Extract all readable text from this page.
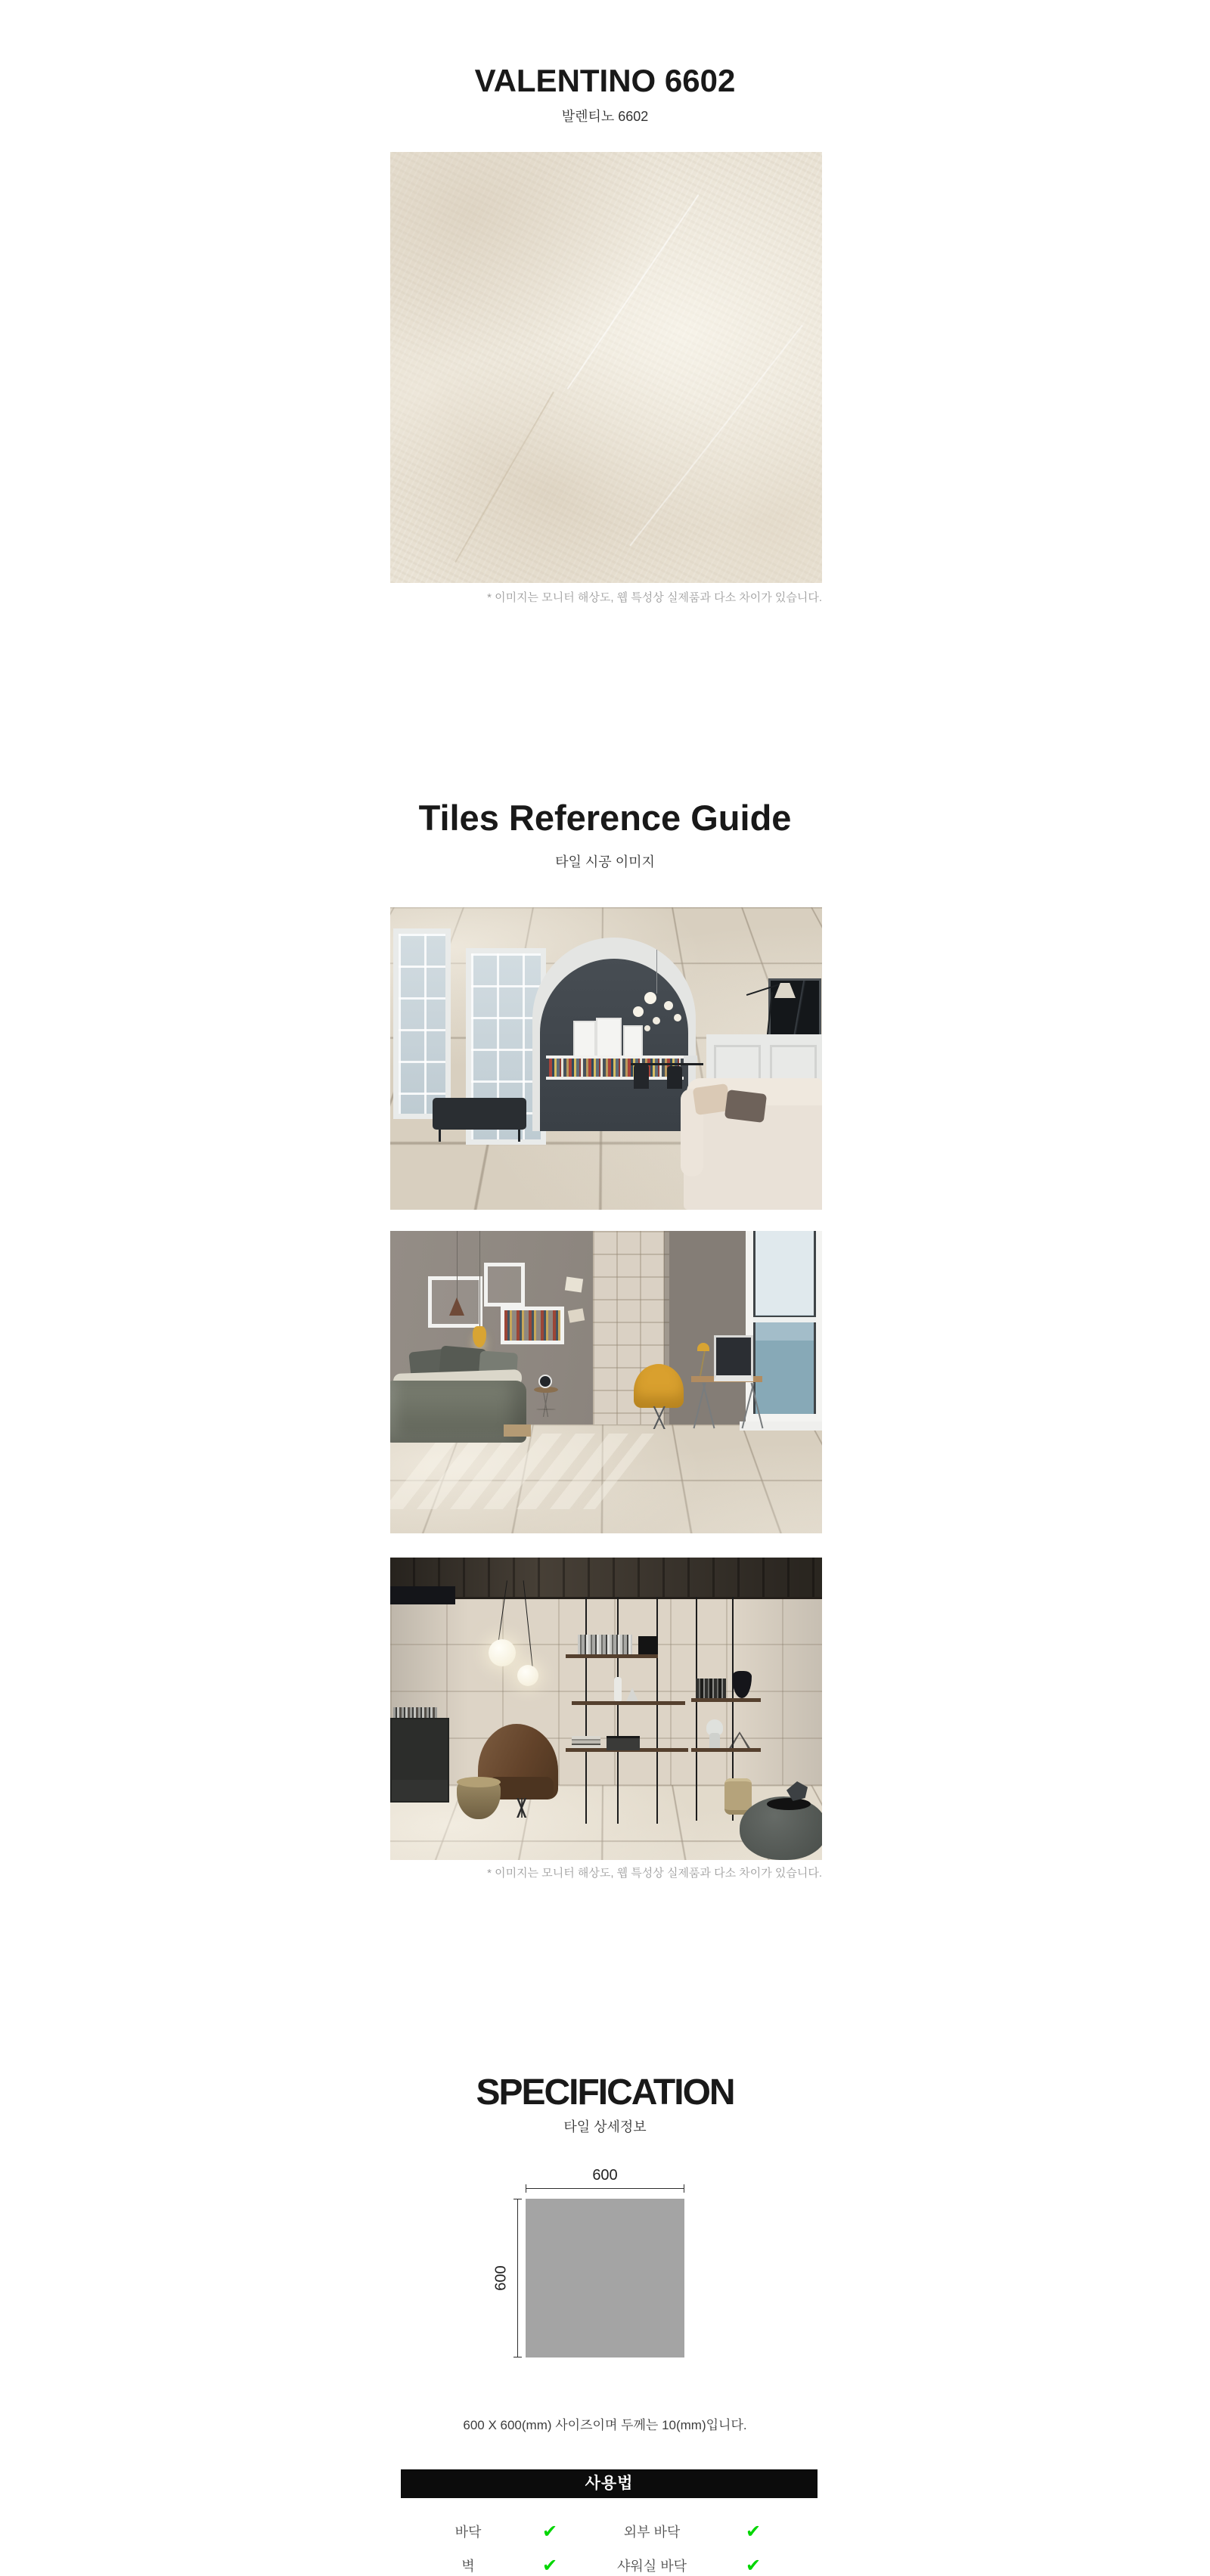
VALENTINO 6602
발렌티노 6602
* 이미지는 모니터 해상도, 웹 특성상 실제품과 다소 차이가 있습니다.
Tiles Reference Guide
타일 시공 이미지
* 이미지는 모니터 해상도, 웹 특성상 실제품과 다소 차이가 있습니다.
SPECIFICATION
타일 상세정보
600
600
600 X 600(mm) 사이즈이며 두께는 10(mm)입니다.
사용법
바닥	✔	외부 바닥	✔
벽	✔	샤워실 바닥	✔
